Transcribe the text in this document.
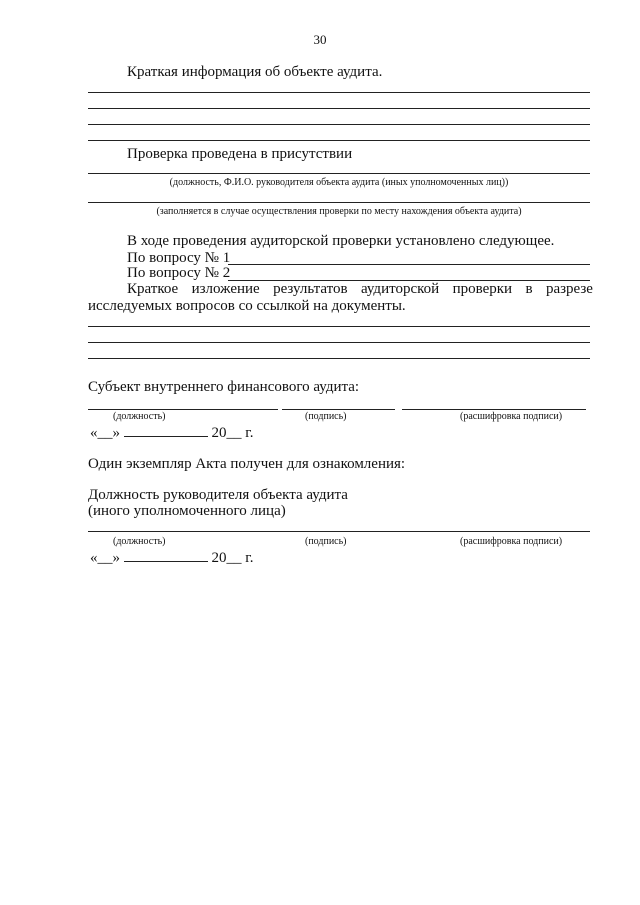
30
Краткая информация об объекте аудита.
Проверка проведена в присутствии
(должность, Ф.И.О. руководителя объекта аудита (иных уполномоченных лиц))
(заполняется в случае осуществления проверки по месту нахождения объекта аудита)
В ходе проведения аудиторской проверки установлено следующее.
По вопросу № 1
По вопросу № 2
Краткое изложение результатов аудиторской проверки в разрезе
исследуемых вопросов со ссылкой на документы.
Субъект внутреннего финансового аудита:
(должность)	(подпись)	(расшифровка подписи)
«__»	20__ г.
Один экземпляр Акта получен для ознакомления:
Должность руководителя объекта аудита
(иного уполномоченного лица)
(должность)	(подпись)	(расшифровка подписи)
«__»	20__ г.
